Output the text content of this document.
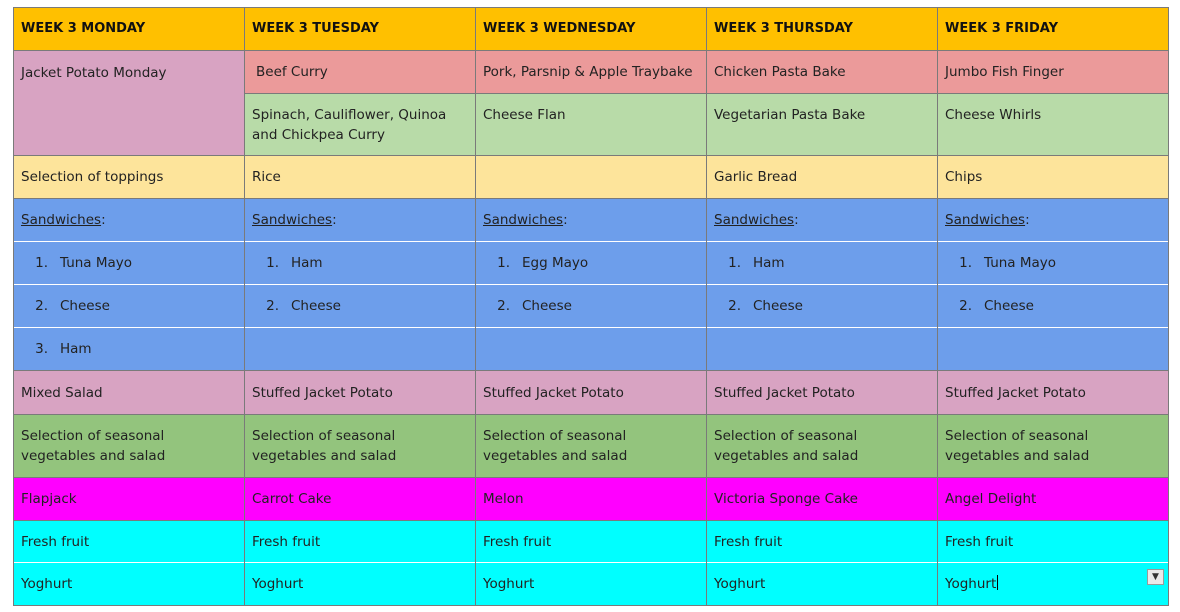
WEEK 3 MONDAY	WEEK 3 TUESDAY	WEEK 3 WEDNESDAY	WEEK 3 THURSDAY	WEEK 3 FRIDAY
Jacket Potato Monday	Beef Curry	Pork, Parsnip & Apple Traybake	Chicken Pasta Bake	Jumbo Fish Finger
	Spinach, Cauliflower, Quinoa and Chickpea Curry	Cheese Flan	Vegetarian Pasta Bake	Cheese Whirls
Selection of toppings	Rice		Garlic Bread	Chips
Sandwiches:	Sandwiches:	Sandwiches:	Sandwiches:	Sandwiches:
1. Tuna Mayo	1. Ham	1. Egg Mayo	1. Ham	1. Tuna Mayo
2. Cheese	2. Cheese	2. Cheese	2. Cheese	2. Cheese
3. Ham				
Mixed Salad	Stuffed Jacket Potato	Stuffed Jacket Potato	Stuffed Jacket Potato	Stuffed Jacket Potato
Selection of seasonal vegetables and salad	Selection of seasonal vegetables and salad	Selection of seasonal vegetables and salad	Selection of seasonal vegetables and salad	Selection of seasonal vegetables and salad
Flapjack	Carrot Cake	Melon	Victoria Sponge Cake	Angel Delight
Fresh fruit	Fresh fruit	Fresh fruit	Fresh fruit	Fresh fruit
Yoghurt	Yoghurt	Yoghurt	Yoghurt	Yoghurt	▼
